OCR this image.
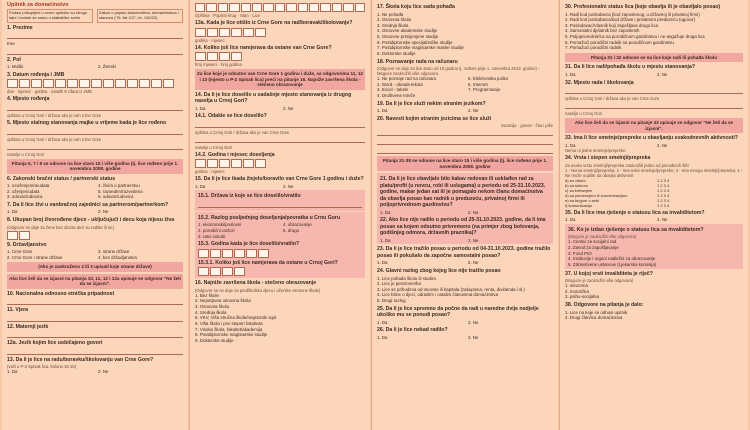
Upitnik za domaćinstvo
Podaci prikupljeni u ovom upitniku su strogo tajni i koriste se samo u statističke svrhe
Zakon o popisu stanovništva, domaćinstava i stanova ("Sl. list CG", br. 140/22)
1. Prezime
Ime
2. Pol
1. Muški	2. Ženski
3. Datum rođenja i JMB
dan · mjesec · godina · ostalih 6 cifara iz JMB
4. Mjesto rođenja
opština u Crnoj Gori / država ako je van Crne Gore
5. Mjesto stalnog stanovanja majke u vrijeme kada je lice rođeno
opština u Crnoj Gori / država ako je van Crne Gore
naselje u Crnoj Gori
Pitanja 6, 7 i 8 se odnose na lice staro 15 i više godina (tj. lice rođeno prije 1. novembra 2008. godine
6. Zakonski bračni status / partnerski status
1. neoženjen/neudata
2. oženjen/udata
3. udovac/udovica
4. živi/a u partnerstvu
5. razveden/razvedena
6. udovac/udovica
7. Da li lice živi u vanbračnoj zajednici sa partnerom/partnerkom?
1. Da	2. Ne
8. Ukupan broj živorođene djece - uključujući i decu koja nijesu živa
(Odgovor se daje za žene bez obzira da li su rađale ili ne)
9. Državljanstvo
1. Crne Gore
2. Crne Gore i strane države
3. strane države
4. bez državljanstva
(Ako je zaokruženo 2 ili 3 upisati koje strane države)
Ako lice želi da se izjasni na pitanja 10, 11, 12 i 12a upisuje se odgovor "Ne želi da se izjasni".
10. Nacionalna odnosno etnička pripadnost
11. Vjera
12. Maternji jezik
12a. Jezik kojim lice uobičajeno govori
13. Da li je lice na radu/boravku/školovanju van Crne Gore?
(važi u P-2 Spisak lica, kolona 16-16)
1. Da	2. Ne
Opština · Popisni krug · Stan · Lice
13a. Kada je lice otišlo iz Crne Gore na rad/boravak/školovanje?
godina · mjesec
14. Koliko još lice namjerava da ostane van Crne Gore?
broj mjeseci · broj godina
Za lice koje je odsutno van Crne Gore 1 godinu i duže, sa odgovorima 11, 12 i 13 (mjesto u P-2 Spisak lica) preći na pitanje 16. Najniže završena škola - stečeno obrazovanje
14. Da li je lice doselilo u sadašnje mjesto stanovanja iz drugog naselja u Crnoj Gori?
1. Da	2. Ne
14.1. Odakle se lice doselilo?
opština u Crnoj Gori / država ako je van Crne Gore
naselje u Crnoj Gori
14.2. Godina i mjesec doseljenja
godina · mjesec
15. Da li je lice ikada živjelo/boravilo van Crne Gore 1 godinu i duže?
1. Da	2. Ne
15.1. Država iz koje se lice doselilo/vratilo
15.2. Razlog posljednjeg doseljenja/povratka u Crnu Goru
1. ekonomski/poslovni
2. porodični razlozi
3. ratni sukobi
4. obrazovanje
5. drugo
15.3. Godina kada je lice doselilo/vratilo?
15.3.1. Koliko još lice namjerava da ostane u Crnoj Gori?
16. Najniže završena škola - stečeno obrazovanje
(Odgovor se ne daje za predškolsku djecu i učenike osnovne škole)
1. Bez škole
2. Nepotpuna osnovna škola
3. Osnovna škola
4. Srednja škola
5. VKV, Viša stručna škola/majstorski ispit
6. Viša škola i prvi stepen fakulteta
7. Visoka škola, fakultet/akademija
8. Postdiplomske magistarske studije
9. Doktorske studije
17. Škola koju lice sada pohađa
1. Ne pohađa
2. Osnovna škola
3. Srednja škola
4. Osnovne akademske studije
5. Osnovne primijenjene studije
6. Postdiplomske specijalističke studije
7. Postdiplomske magistarske master studije
8. Doktorske studije
18. Poznavanje rada na računaru
(Odgovor se daje za lice staro od 10 godina tj. rođeno prije 1. novembra 2013. godine) - Moguće zaokružiti više odgovora
1. Ne poznaje rad na računaru
2. Word - obrada teksta
3. Excel - tabele
4. Društvene mreže
5. Elektronska pošta
6. Internet
7. Programiranje
19. Da li je lice služi nekim stranim jezikom?
1. Da	2. Ne
20. Navesti kojim stranim jezicima se lice služi
razumije · govori · čita i piše
Pitanja 21-38 se odnose na lice staro 15 i više godina (tj. lice rođeno prije 1. novembra 2008. godine
21. Da li je lice obavljalo bilo kakav redovan ili usklađen rad za platu/profit (u novcu, robi ili uslugama) u periodu od 25-31.10.2023. godine, makar jedan sat ili je pomagalo nekom članu domaćinstva da obavlja posao kao radnik u preduzeću, privatnoj firmi ili poljoprivrednom gazdinstvu?
1. Da	2. Ne
22. Ako lice nije radilo u periodu od 25-31.10.2023. godine, da li ima posao sa kojem odsutno privremeno (na primjer zbog bolovanja, godišnjeg odmora, državnih praznika)?
1. Da	2. Ne
23. Da li je lice tražilo posao u periodu od 04-31.10.2023. godine tražilo posao ili pokušalo da započne samostalni posao?
1. Da	2. Ne
24. Glavni razlog zbog kojeg lice nije tražilo posao
1. Lice pohađa školu ili studira
2. Lice je penzioner/ka
3. Lice se prihodima od imovine ili kapitala (zakupnina, renta, dividenda i sl.)
4. Lice brine o djeci, odraslim i ostalim članovima domaćinstva
5. Drugi razlog
25. Da li je lice spremno da počne da radi u naredne dvije nedjelje ukoliko mu se ponudi posao?
1. Da	2. Ne
26. Da li je lice nekad radilo?
1. Da	2. Ne
30. Profesionalni status lica (koje obavlja ili je obavljalo posao)
1. Radi kod poslodavca (kod zaposlenog, u državnoj ili privatnoj firmi)
2. Radi kod poslodavca/kod države i privatnom preduzeću (ugovor)
3. Poslodavac/Vlasnik koji zapošljava drugu lica
4. Samostalni djelatnik bez zaposlenih
5. Poljoprivrednik/ca na porodičnom gazdinstvu i ne angažuje druga lica
6. Pomažući porodični radnik na porodičnom gazdinstvu
7. Pomažući porodični radnik
Pitanja 31 i 32 odnose se na lice koje radi ili pohađa školu
31. Da li lice radi/pohađa školu u mjestu stanovanja?
1. Da	2. Ne
32. Mjesto rada / školovanja
opština u Crnoj Gori / država ako je van Crne Gore
naselje u Crnoj Gori
Ako lice želi da se izjasni na pitanje 33 upisuje se odgovor "Ne želi da se izjasni".
33. Ima li lice smetnje/prepreke u obavljanju svakodnevnih aktivnosti?
1. Da	2. Ne
Nema ni jedne smetnje/prepreke
34. Vrsta i stepen smetnji/prepreka
Za svaku vrstu smetnji/prepreka zaokružiti jedno od ponuđenih šifri
1 - Nema smetnji/prepreka; 2 - Ima neke smetnje/prepreke; 3 - Ima mnogo smetnji/prepreka; 4 - Ne može uopšte da obavlja aktivnost
a) sa vidom	1 2 3 4
b) sa sluhom	1 2 3 4
c) sa kretanjem	1 2 3 4
d) sa pamćenjem ili koncentracijom	1 2 3 4
e) sa brigom o sebi	1 2 3 4
f) komunikacija	1 2 3 4
35. Da li lice ima rješenje o statusu lica sa invaliditetom?
1. Da	2. Ne
36. Ko je izdao rješenje o statusu lica sa invaliditetom?
(Moguće je zaokružiti više odgovora)
1. Centar za socijalni rad
2. Zavod za zapošljavanje
3. Fond PIO
4. Institucije i organi nadležni za obrazovanje
5. Zdravstvene ustanove (Ljekarska komisija)
37. U kojoj vrsti invaliditeta je riječ?
(Moguće je zaokružiti više odgovora)
1. senzorna
2. motorička
3. psiho-socijalna
38. Odgovore na pitanja je dalo:
1. Lice na koje se odnosi upitnik
2. Drugi član/ica domaćinstva
